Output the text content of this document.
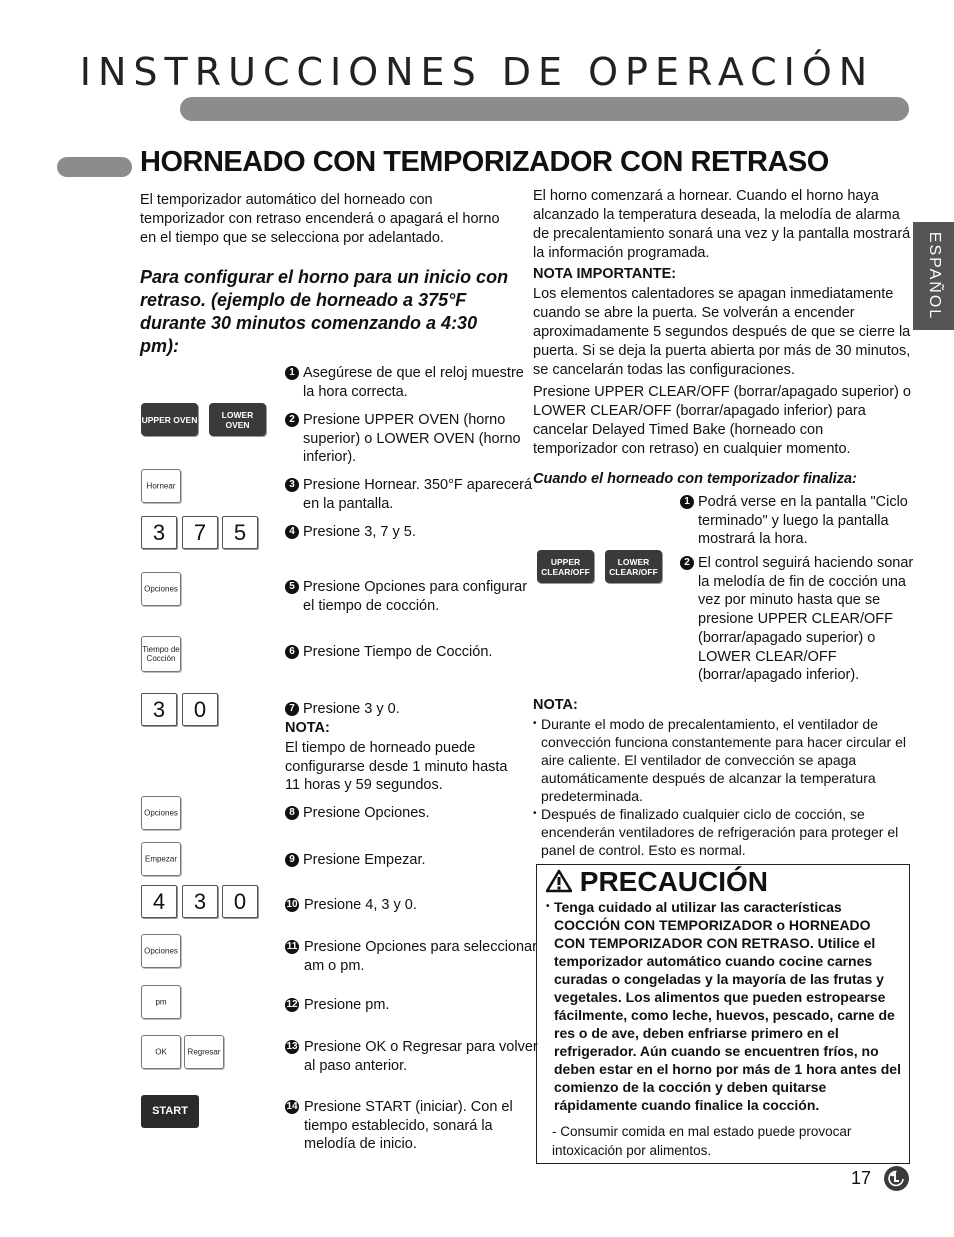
INSTRUCCIONES DE OPERACIÓN
ESPAÑOL
HORNEADO CON TEMPORIZADOR CON RETRASO

El temporizador automático del horneado con temporizador con retraso encenderá o apagará el horno en el tiempo que se selecciona por adelantado.

Para configurar el horno para un inicio con retraso. (ejemplo de horneado a 375°F durante 30 minutos comenzando a 4:30 pm):

UPPER OVEN	LOWER OVEN
Hornear
3	7	5
Opciones
Tiempo de Cocción
3	0
Opciones
Empezar
4	3	0
Opciones
pm
OK	Regresar
START
1 Asegúrese de que el reloj muestre la hora correcta.
2 Presione UPPER OVEN (horno superior) o LOWER OVEN (horno inferior).
3 Presione Hornear. 350°F aparecerá en la pantalla.
4 Presione 3, 7 y 5.
5 Presione Opciones para configurar el tiempo de cocción.
6 Presione Tiempo de Cocción.
7 Presione 3 y 0.
NOTA:
El tiempo de horneado puede configurarse desde 1 minuto hasta 11 horas y 59 segundos.
8 Presione Opciones.
9 Presione Empezar.
10 Presione 4, 3 y 0.
11 Presione Opciones para seleccionar am o pm.
12 Presione pm.
13 Presione OK o Regresar para volver al paso anterior.
14 Presione START (iniciar). Con el tiempo establecido, sonará la melodía de inicio.

El horno comenzará a hornear. Cuando el horno haya alcanzado la temperatura deseada, la melodía de alarma de precalentamiento sonará una vez y la pantalla mostrará la información programada.

NOTA IMPORTANTE:

Los elementos calentadores se apagan inmediatamente cuando se abre la puerta. Se volverán a encender aproximadamente 5 segundos después de que se cierre la puerta. Si se deja la puerta abierta por más de 30 minutos, se cancelarán todas las configuraciones.

Presione UPPER CLEAR/OFF (borrar/apagado superior) o LOWER CLEAR/OFF (borrar/apagado inferior) para cancelar Delayed Timed Bake (horneado con temporizador con retraso) en cualquier momento.

Cuando el horneado con temporizador finaliza:
UPPER CLEAR/OFF
LOWER CLEAR/OFF
1 Podrá verse en la pantalla "Ciclo terminado" y luego la pantalla mostrará la hora.
2 El control seguirá haciendo sonar la melodía de fin de cocción una vez por minuto hasta que se presione UPPER CLEAR/OFF (borrar/apagado superior) o LOWER CLEAR/OFF (borrar/apagado inferior).
NOTA:
• Durante el modo de precalentamiento, el ventilador de convección funciona constantemente para hacer circular el aire caliente. El ventilador de convección se apaga automáticamente después de alcanzar la temperatura predeterminada.
• Después de finalizado cualquier ciclo de cocción, se encenderán ventiladores de refrigeración para proteger el panel de control. Esto es normal.
PRECAUCIÓN
• Tenga cuidado al utilizar las características COCCIÓN CON TEMPORIZADOR o HORNEADO CON TEMPORIZADOR CON RETRASO. Utilice el temporizador automático cuando cocine carnes curadas o congeladas y la mayoría de las frutas y vegetales. Los alimentos que pueden estropearse fácilmente, como leche, huevos, pescado, carne de res o de ave, deben enfriarse primero en el refrigerador. Aún cuando se encuentren fríos, no deben estar en el horno por más de 1 hora antes del comienzo de la cocción y deben quitarse rápidamente cuando finalice la cocción.
- Consumir comida en mal estado puede provocar intoxicación por alimentos.
17
